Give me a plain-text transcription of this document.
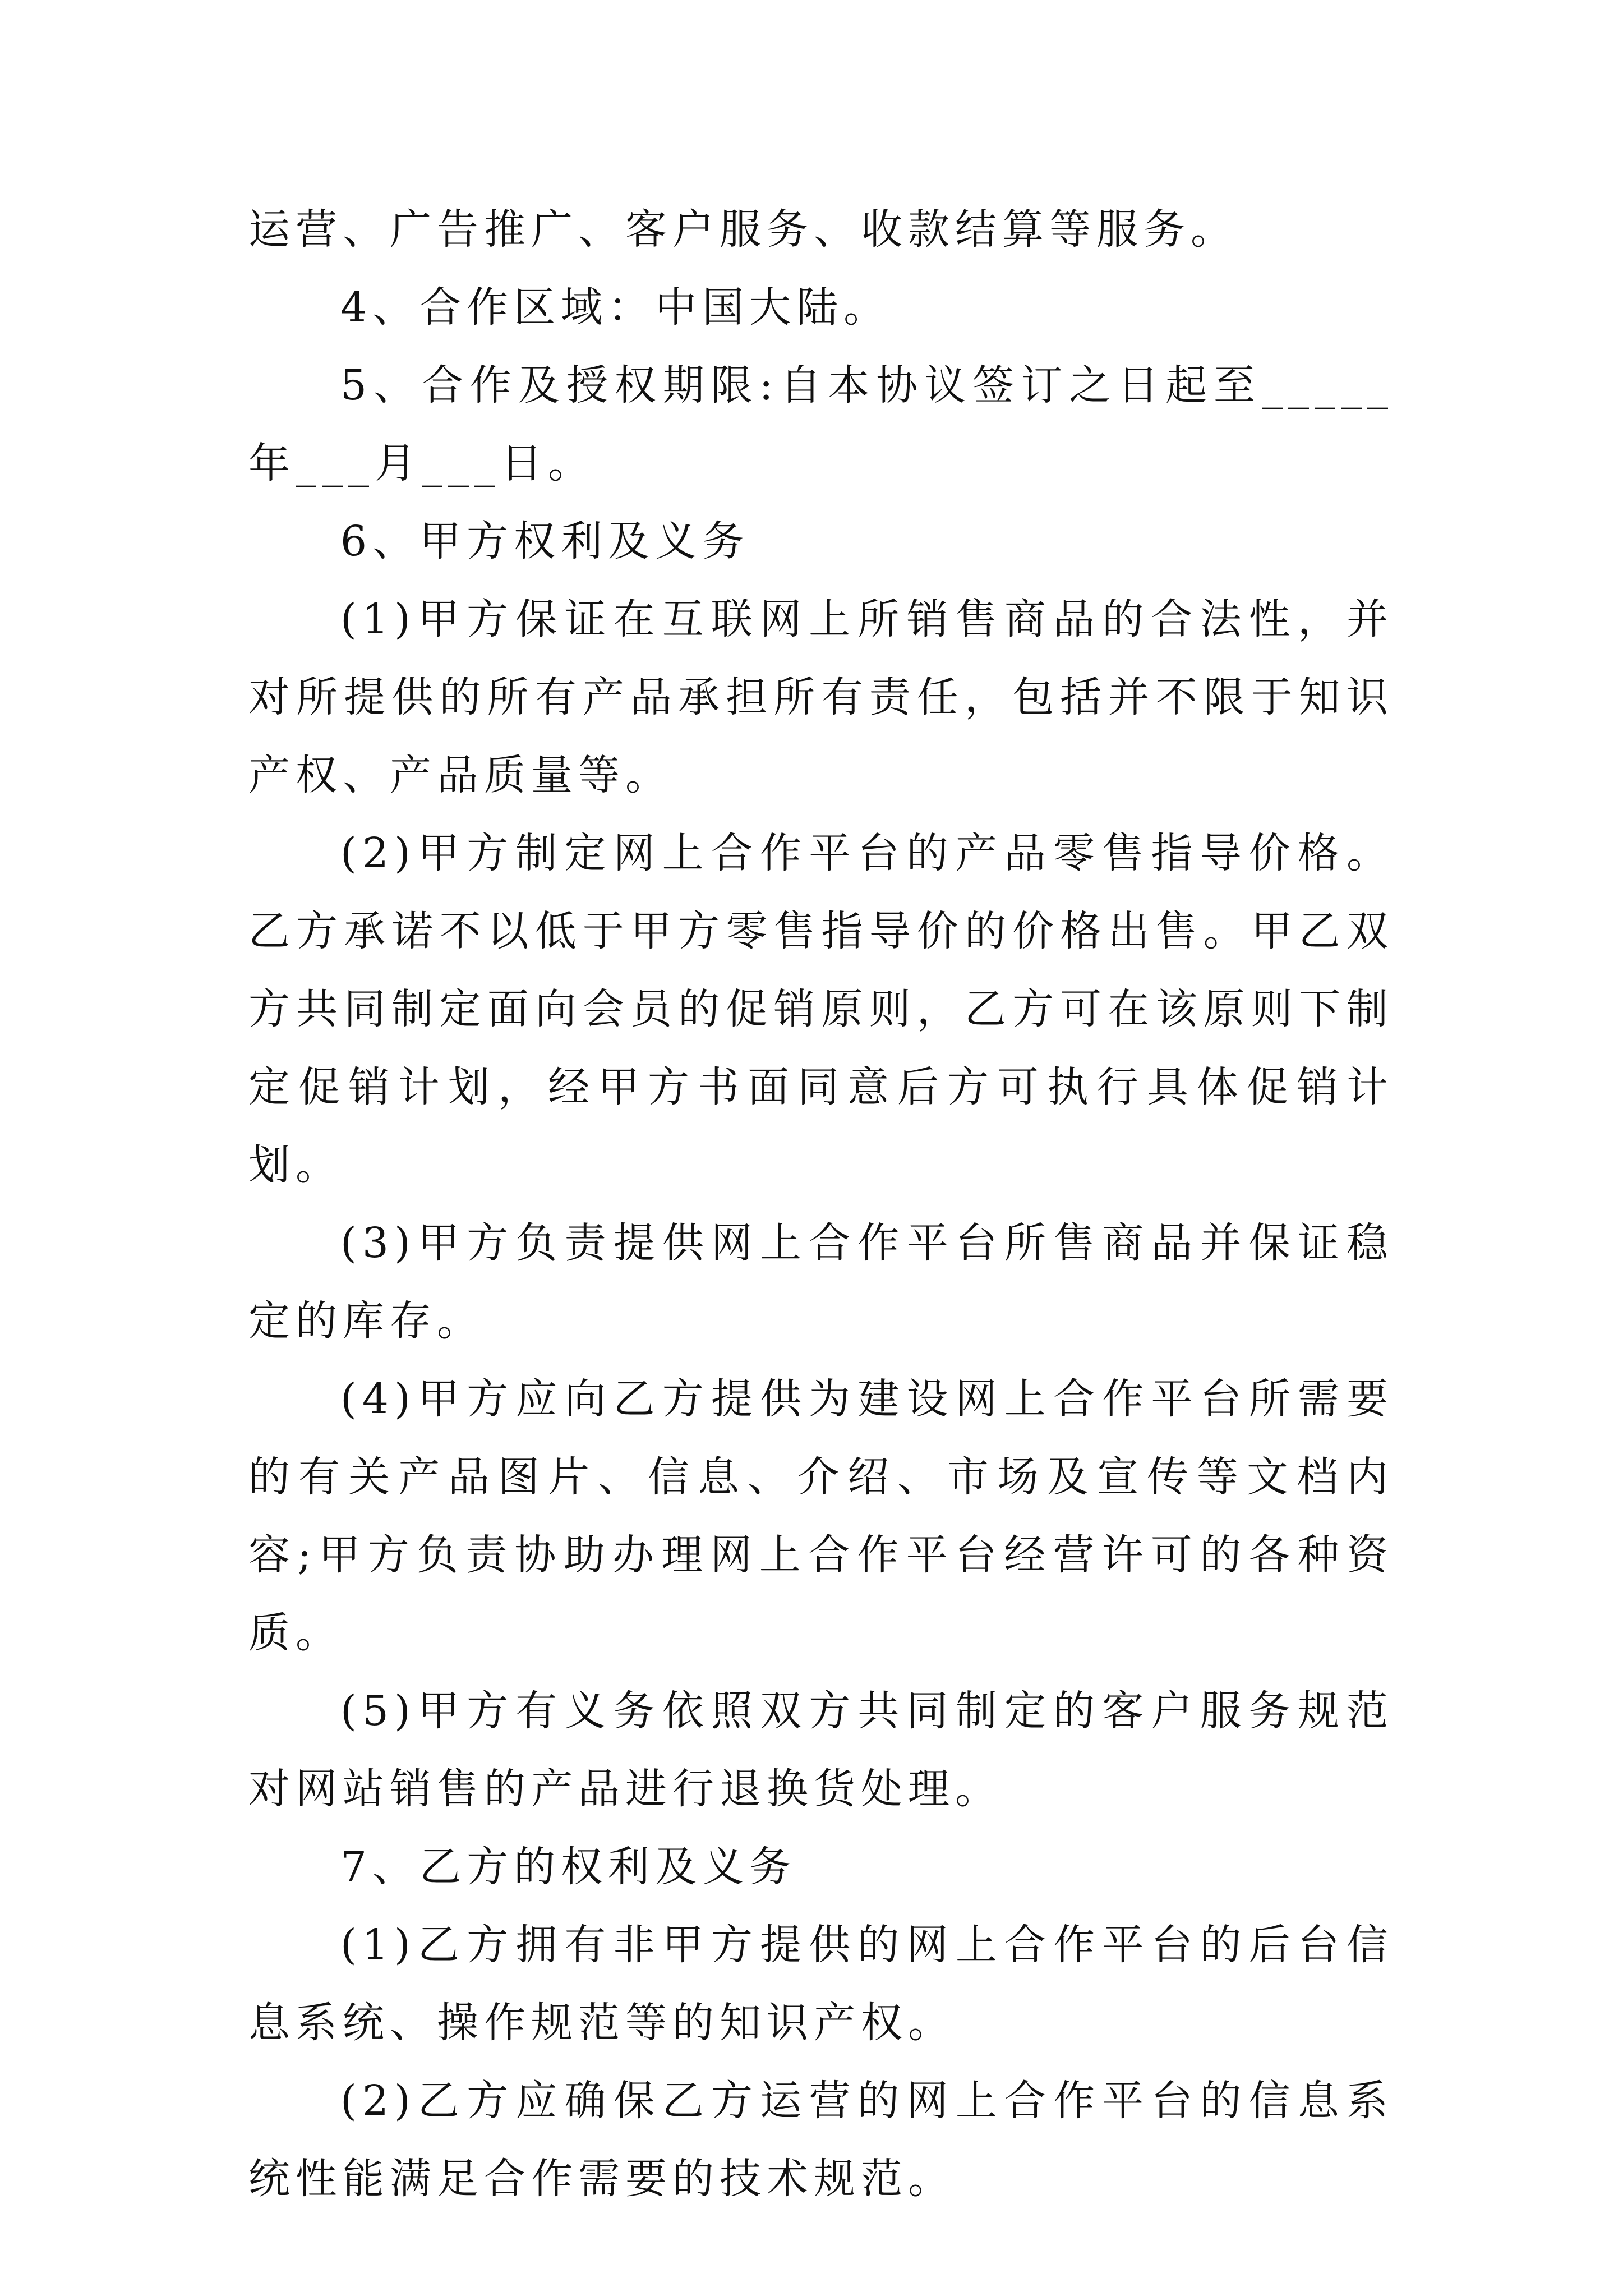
运营、广告推广、客户服务、收款结算等服务。

4、合作区域：中国大陆。

5、合作及授权期限:自本协议签订之日起至_____年___月___日。

6、甲方权利及义务

(1)甲方保证在互联网上所销售商品的合法性，并对所提供的所有产品承担所有责任，包括并不限于知识产权、产品质量等。

(2)甲方制定网上合作平台的产品零售指导价格。乙方承诺不以低于甲方零售指导价的价格出售。甲乙双方共同制定面向会员的促销原则，乙方可在该原则下制定促销计划，经甲方书面同意后方可执行具体促销计划。

(3)甲方负责提供网上合作平台所售商品并保证稳定的库存。

(4)甲方应向乙方提供为建设网上合作平台所需要的有关产品图片、信息、介绍、市场及宣传等文档内容;甲方负责协助办理网上合作平台经营许可的各种资质。

(5)甲方有义务依照双方共同制定的客户服务规范对网站销售的产品进行退换货处理。

7、乙方的权利及义务

(1)乙方拥有非甲方提供的网上合作平台的后台信息系统、操作规范等的知识产权。

(2)乙方应确保乙方运营的网上合作平台的信息系统性能满足合作需要的技术规范。
